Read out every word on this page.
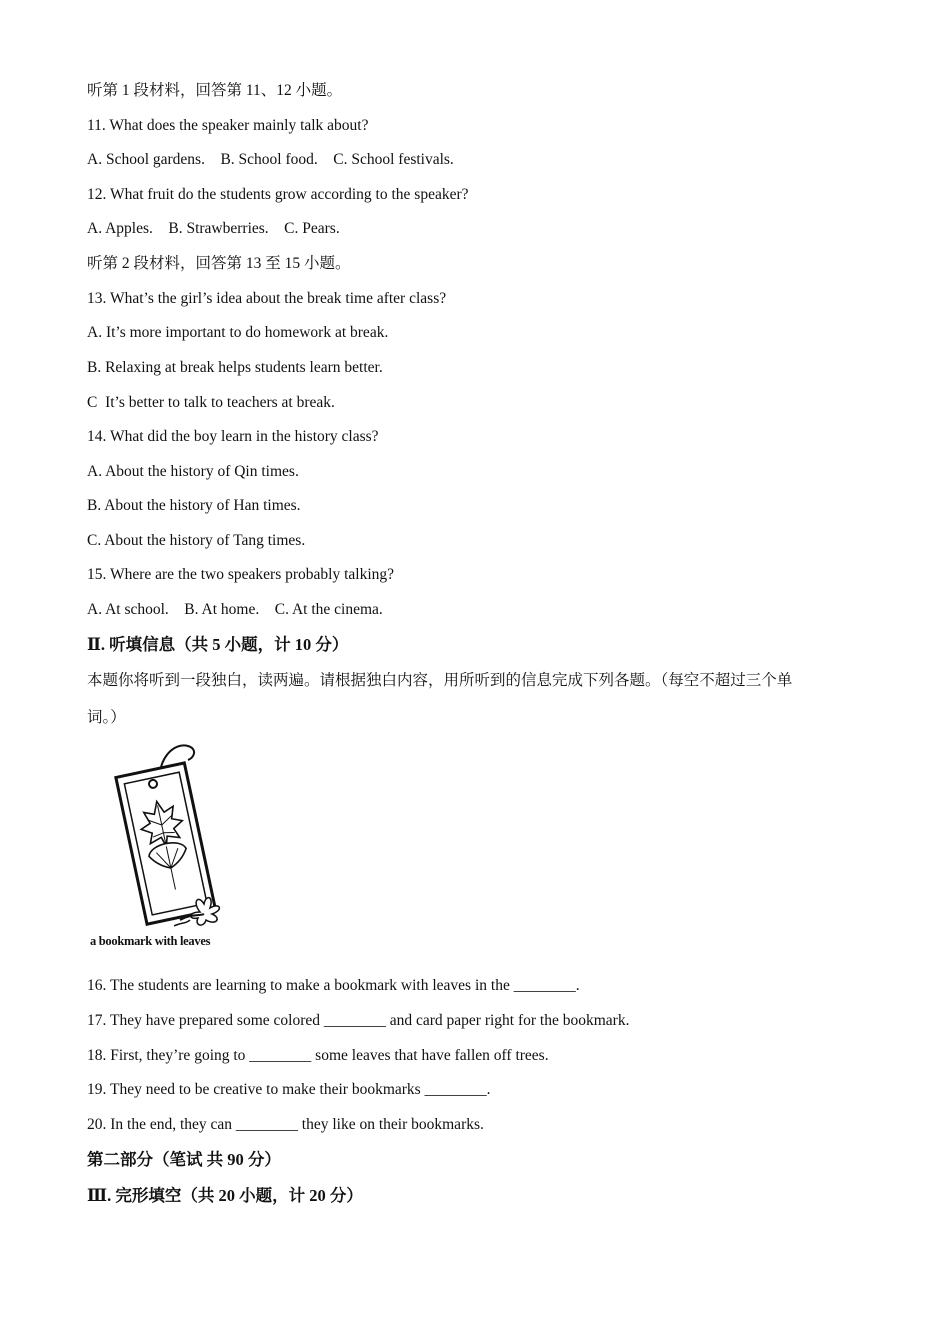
听第 1 段材料，回答第 11、12 小题。
11. What does the speaker mainly talk about?
A. School gardens.    B. School food.    C. School festivals.
12. What fruit do the students grow according to the speaker?
A. Apples.    B. Strawberries.    C. Pears.
听第 2 段材料，回答第 13 至 15 小题。
13. What’s the girl’s idea about the break time after class?
A. It’s more important to do homework at break.
B. Relaxing at break helps students learn better.
C  It’s better to talk to teachers at break.
14. What did the boy learn in the history class?
A. About the history of Qin times.
B. About the history of Han times.
C. About the history of Tang times.
15. Where are the two speakers probably talking?
A. At school.    B. At home.    C. At the cinema.
Ⅱ. 听填信息（共 5 小题，计 10 分）
本题你将听到一段独白，读两遍。请根据独白内容，用所听到的信息完成下列各题。（每空不超过三个单
词。）
a bookmark with leaves
16. The students are learning to make a bookmark with leaves in the ________.
17. They have prepared some colored ________ and card paper right for the bookmark.
18. First, they’re going to ________ some leaves that have fallen off trees.
19. They need to be creative to make their bookmarks ________.
20. In the end, they can ________ they like on their bookmarks.
第二部分（笔试 共 90 分）
Ⅲ. 完形填空（共 20 小题，计 20 分）
